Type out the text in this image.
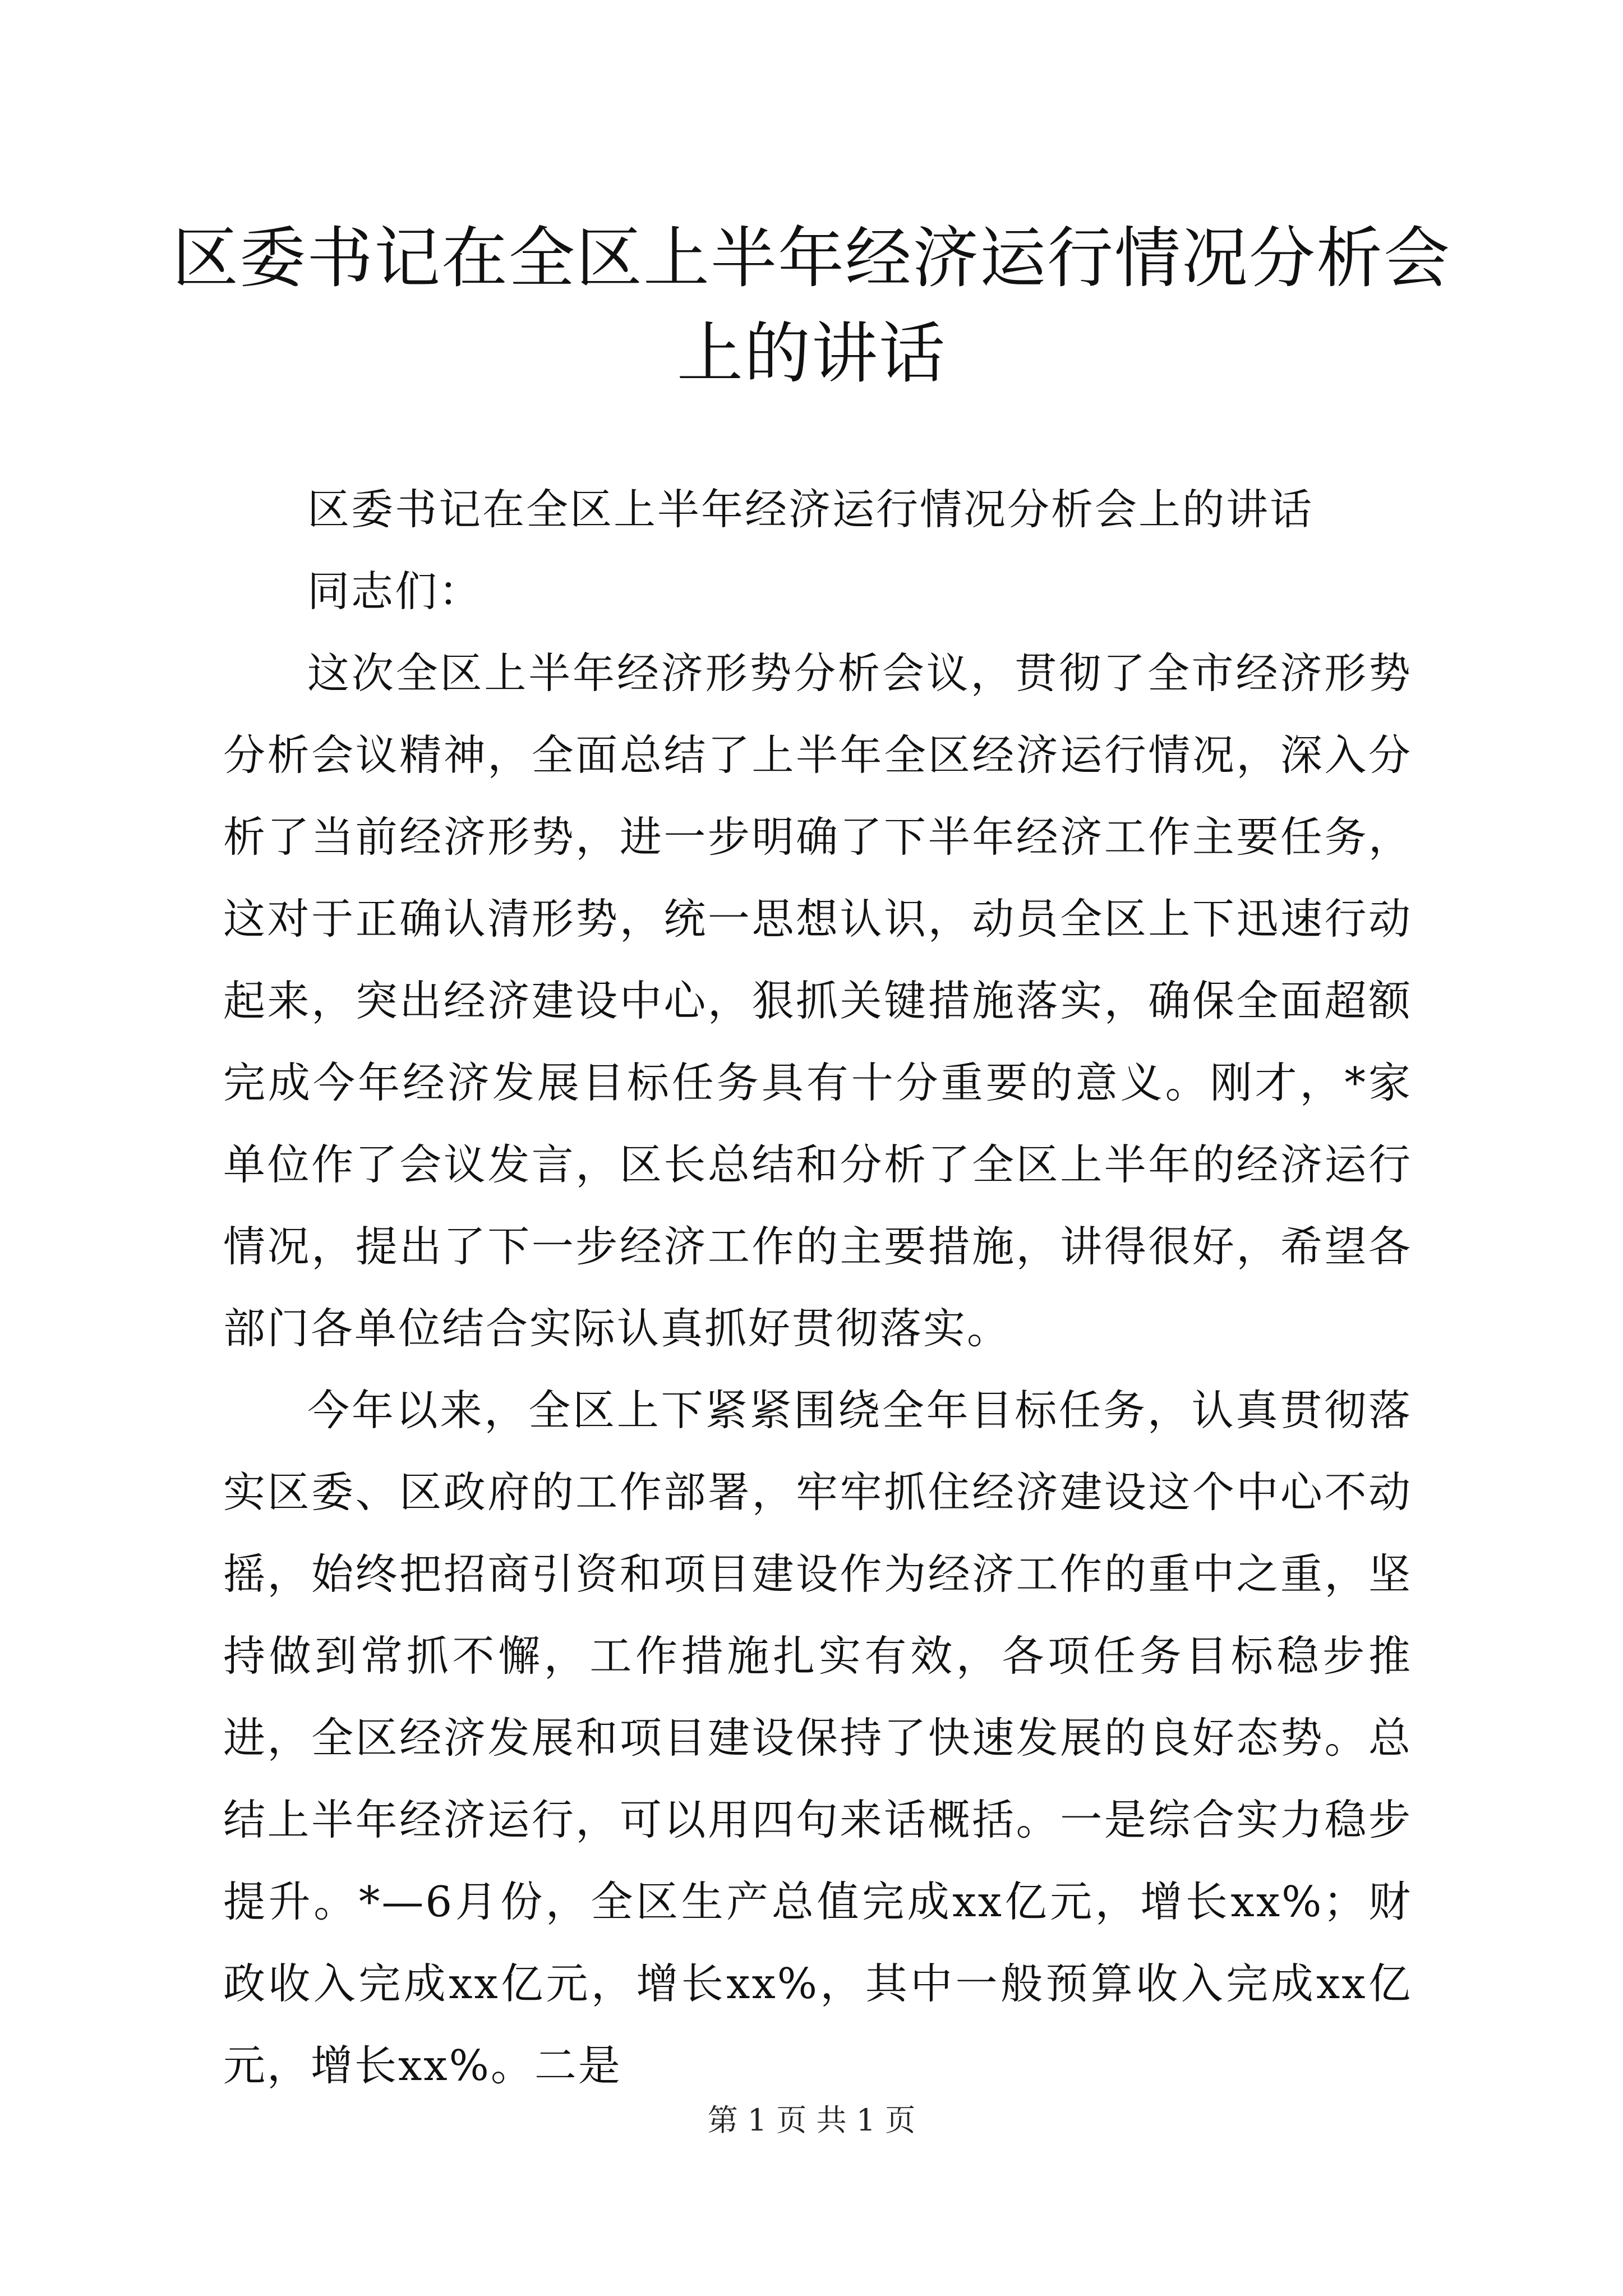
区委书记在全区上半年经济运行情况分析会上的讲话

区委书记在全区上半年经济运行情况分析会上的讲话

同志们：

这次全区上半年经济形势分析会议，贯彻了全市经济形势分析会议精神，全面总结了上半年全区经济运行情况，深入分析了当前经济形势，进一步明确了下半年经济工作主要任务，这对于正确认清形势，统一思想认识，动员全区上下迅速行动起来，突出经济建设中心，狠抓关键措施落实，确保全面超额完成今年经济发展目标任务具有十分重要的意义。刚才，*家单位作了会议发言，区长总结和分析了全区上半年的经济运行情况，提出了下一步经济工作的主要措施，讲得很好，希望各部门各单位结合实际认真抓好贯彻落实。

今年以来，全区上下紧紧围绕全年目标任务，认真贯彻落实区委、区政府的工作部署，牢牢抓住经济建设这个中心不动摇，始终把招商引资和项目建设作为经济工作的重中之重，坚持做到常抓不懈，工作措施扎实有效，各项任务目标稳步推进，全区经济发展和项目建设保持了快速发展的良好态势。总结上半年经济运行，可以用四句来话概括。一是综合实力稳步提升。*—6月份，全区生产总值完成xx亿元，增长xx%；财政收入完成xx亿元，增长xx%，其中一般预算收入完成xx亿元，增长xx%。二是

第 1 页 共 1 页
